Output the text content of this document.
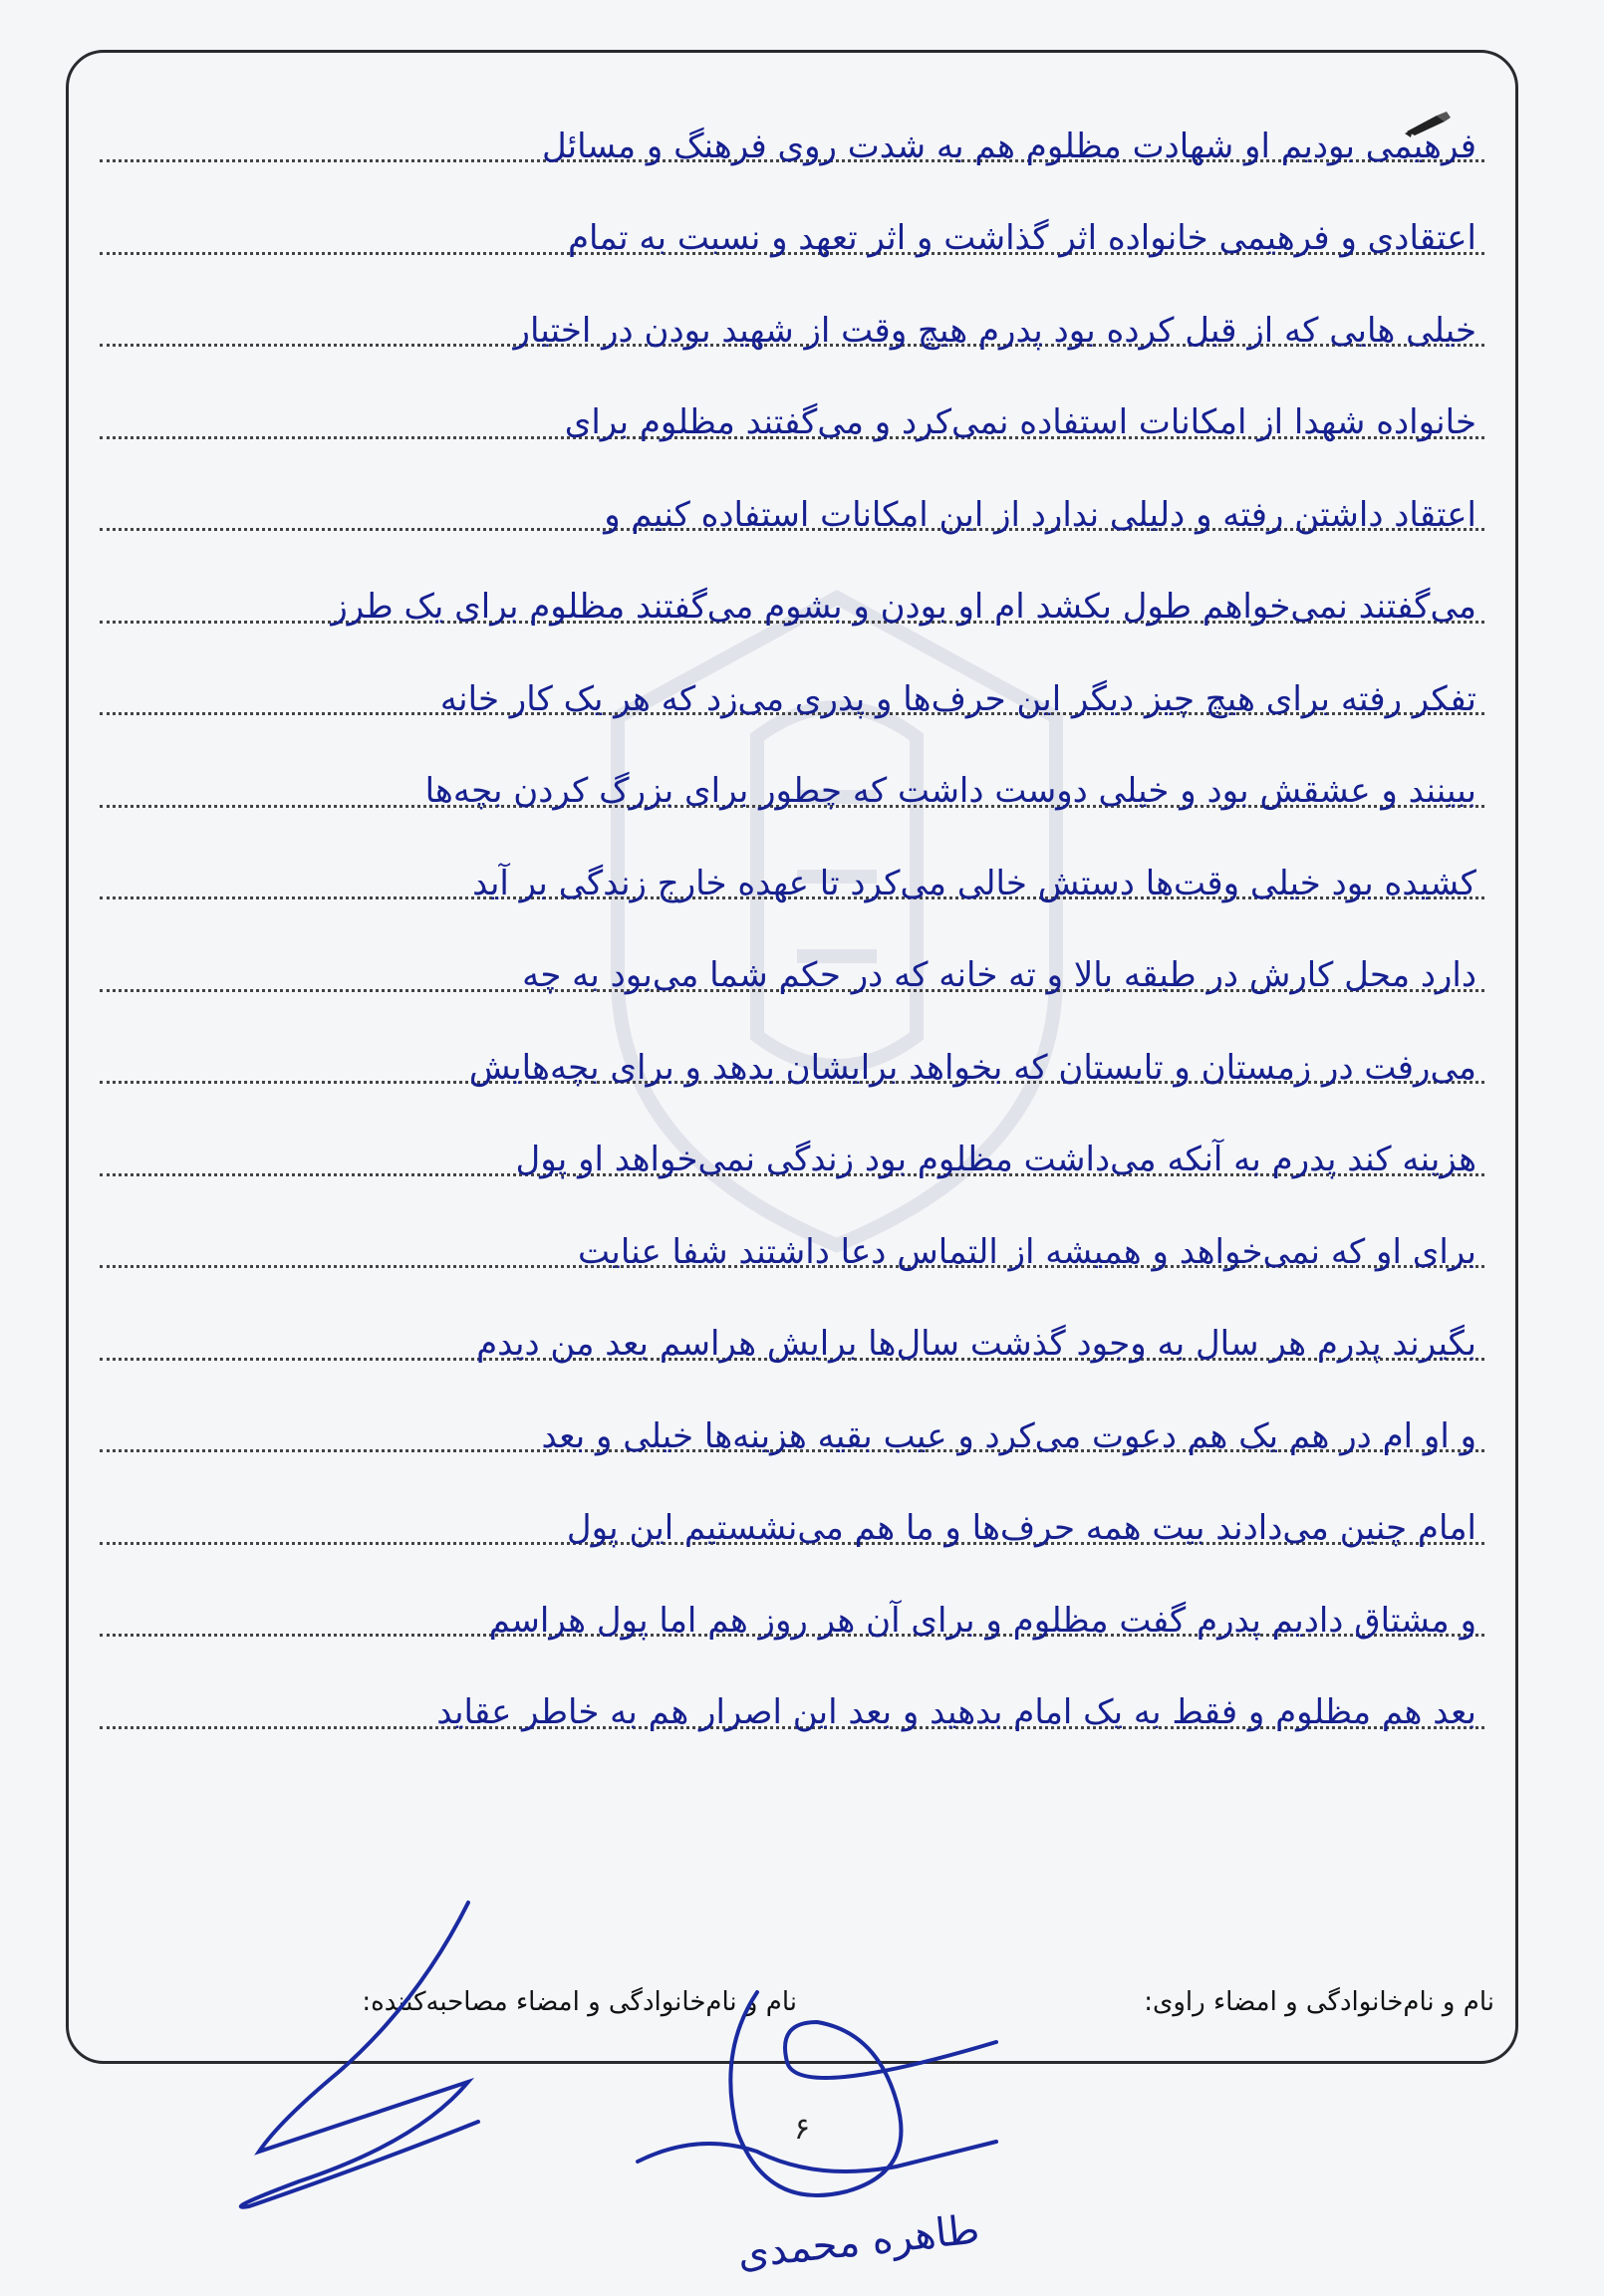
فرهیمی بودیم او شهادت مظلوم هم به شدت روی فرهنگ و مسائل
اعتقادی و فرهیمی خانواده اثر گذاشت و اثر تعهد و نسبت به تمام
خیلی هایی که از قبل کرده بود پدرم هیچ وقت از شهید بودن در اختیار
خانواده شهدا از امکانات استفاده نمی‌کرد و می‌گفتند مظلوم برای
اعتقاد داشتن رفته و دلیلی ندارد از این امکانات استفاده کنیم و
می‌گفتند نمی‌خواهم طول بکشد ام او بودن و بشوم می‌گفتند مظلوم برای یک طرز
تفکر رفته برای هیچ چیز دیگر این حرف‌ها و پدری می‌زد که هر یک کار خانه
ببینند و عشقش بود و خیلی دوست داشت که چطور برای بزرگ کردن بچه‌ها
کشیده بود خیلی وقت‌ها دستش خالی می‌کرد تا عهده خارج زندگی بر آید
دارد محل کارش در طبقه بالا و ته خانه که در حکم شما می‌بود به چه
می‌رفت در زمستان و تابستان که بخواهد برایشان بدهد و برای بچه‌هایش
هزینه کند پدرم به آنکه می‌داشت مظلوم بود زندگی نمی‌خواهد او پول
برای او که نمی‌خواهد و همیشه از التماس دعا داشتند شفا عنایت
بگیرند پدرم هر سال به وجود گذشت سال‌ها برایش هراسم بعد من دیدم
و او ام در هم یک هم دعوت می‌کرد و عیب بقیه هزینه‌ها خیلی و بعد
امام چنین می‌دادند بیت همه حرف‌ها و ما هم می‌نشستیم این پول
و مشتاق دادیم پدرم گفت مظلوم و برای آن هر روز هم اما پول هراسم
بعد هم مظلوم و فقط به یک امام بدهید و بعد این اصرار هم به خاطر عقاید
نام و نام‌خانوادگی و امضاء راوی:
نام و نام‌خانوادگی و امضاء مصاحبه‌کننده:
۶
طاهره محمدی
